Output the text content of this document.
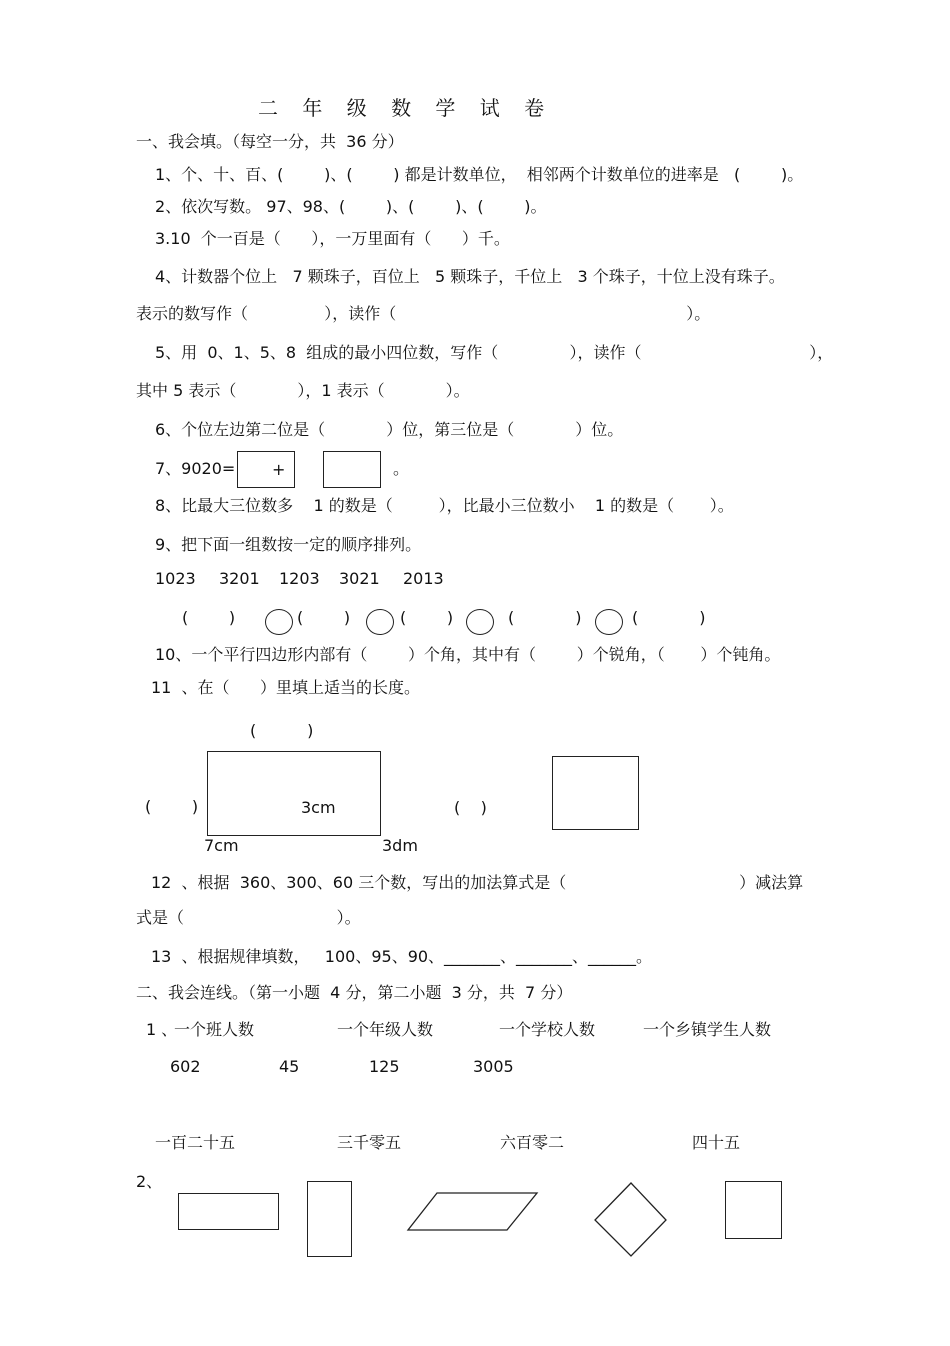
二 年 级 数 学 试 卷
一、我会填。（每空一分，共  36 分）
1、个、十、百、(        )、(        ) 都是计数单位，  相邻两个计数单位的进率是   (        )。
2、依次写数。 97、98、(        )、(        )、(        )。
3.10  个一百是（      ），一万里面有（      ）千。
4、计数器个位上   7 颗珠子，百位上   5 颗珠子，千位上   3 个珠子，十位上没有珠子。
表示的数写作（               ），读作（                                                         ）。
5、用  0、1、5、8  组成的最小四位数，写作（              ），读作（                                 ），
其中 5 表示（            ），1 表示（            ）。
6、个位左边第二位是（            ）位，第三位是（            ）位。
7、9020= +	。
8、比最大三位数多    1 的数是（         ），比最小三位数小    1 的数是（       ）。
9、把下面一组数按一定的顺序排列。
1023 3201 1203 3021 2013
(        )	(        )	(        )	(            )	(            )
10、一个平行四边形内部有（        ）个角，其中有（        ）个锐角，（       ）个钝角。
11  、在（      ）里填上适当的长度。
(          )
(        )	3cm
7cm	3dm
(    )
12  、根据  360、300、60 三个数，写出的加法算式是（                                  ）减法算
式是（                              ）。
13  、根据规律填数，   100、95、90、_______、_______、______。
二、我会连线。（第一小题  4 分，第二小题  3 分，共  7 分）
1 、
一个班人数	一个年级人数	一个学校人数	一个乡镇学生人数
602	45	125	3005
一百二十五	三千零五	六百零二	四十五
2、
